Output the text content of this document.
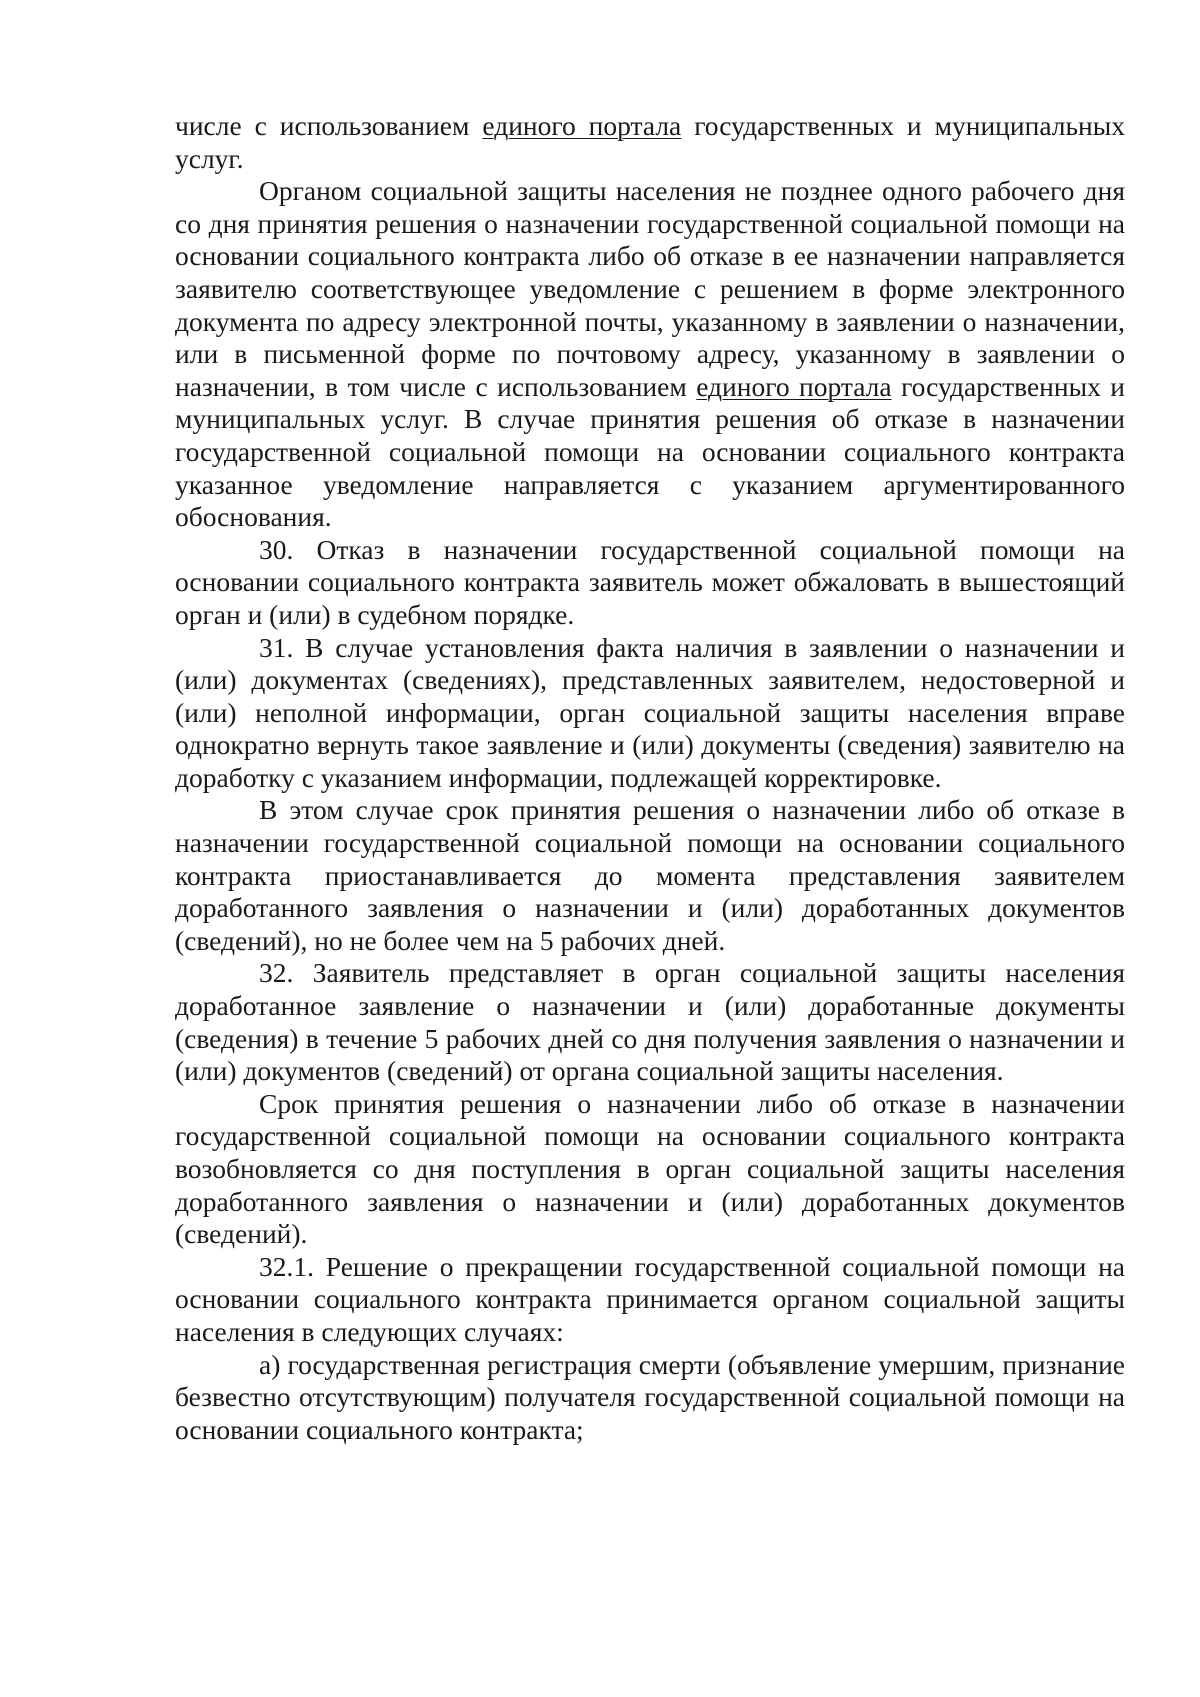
числе с использованием единого портала государственных и муниципальных услуг.

Органом социальной защиты населения не позднее одного рабочего дня со дня принятия решения о назначении государственной социальной помощи на основании социального контракта либо об отказе в ее назначении направляется заявителю соответствующее уведомление с решением в форме электронного документа по адресу электронной почты, указанному в заявлении о назначении, или в письменной форме по почтовому адресу, указанному в заявлении о назначении, в том числе с использованием единого портала государственных и муниципальных услуг. В случае принятия решения об отказе в назначении государственной социальной помощи на основании социального контракта указанное уведомление направляется с указанием аргументированного обоснования.

30. Отказ в назначении государственной социальной помощи на основании социального контракта заявитель может обжаловать в вышестоящий орган и (или) в судебном порядке.

31. В случае установления факта наличия в заявлении о назначении и (или) документах (сведениях), представленных заявителем, недостоверной и (или) неполной информации, орган социальной защиты населения вправе однократно вернуть такое заявление и (или) документы (сведения) заявителю на доработку с указанием информации, подлежащей корректировке.

В этом случае срок принятия решения о назначении либо об отказе в назначении государственной социальной помощи на основании социального контракта приостанавливается до момента представления заявителем доработанного заявления о назначении и (или) доработанных документов (сведений), но не более чем на 5 рабочих дней.

32. Заявитель представляет в орган социальной защиты населения доработанное заявление о назначении и (или) доработанные документы (сведения) в течение 5 рабочих дней со дня получения заявления о назначении и (или) документов (сведений) от органа социальной защиты населения.

Срок принятия решения о назначении либо об отказе в назначении государственной социальной помощи на основании социального контракта возобновляется со дня поступления в орган социальной защиты населения доработанного заявления о назначении и (или) доработанных документов (сведений).

32.1. Решение о прекращении государственной социальной помощи на основании социального контракта принимается органом социальной защиты населения в следующих случаях:

а) государственная регистрация смерти (объявление умершим, признание безвестно отсутствующим) получателя государственной социальной помощи на основании социального контракта;
